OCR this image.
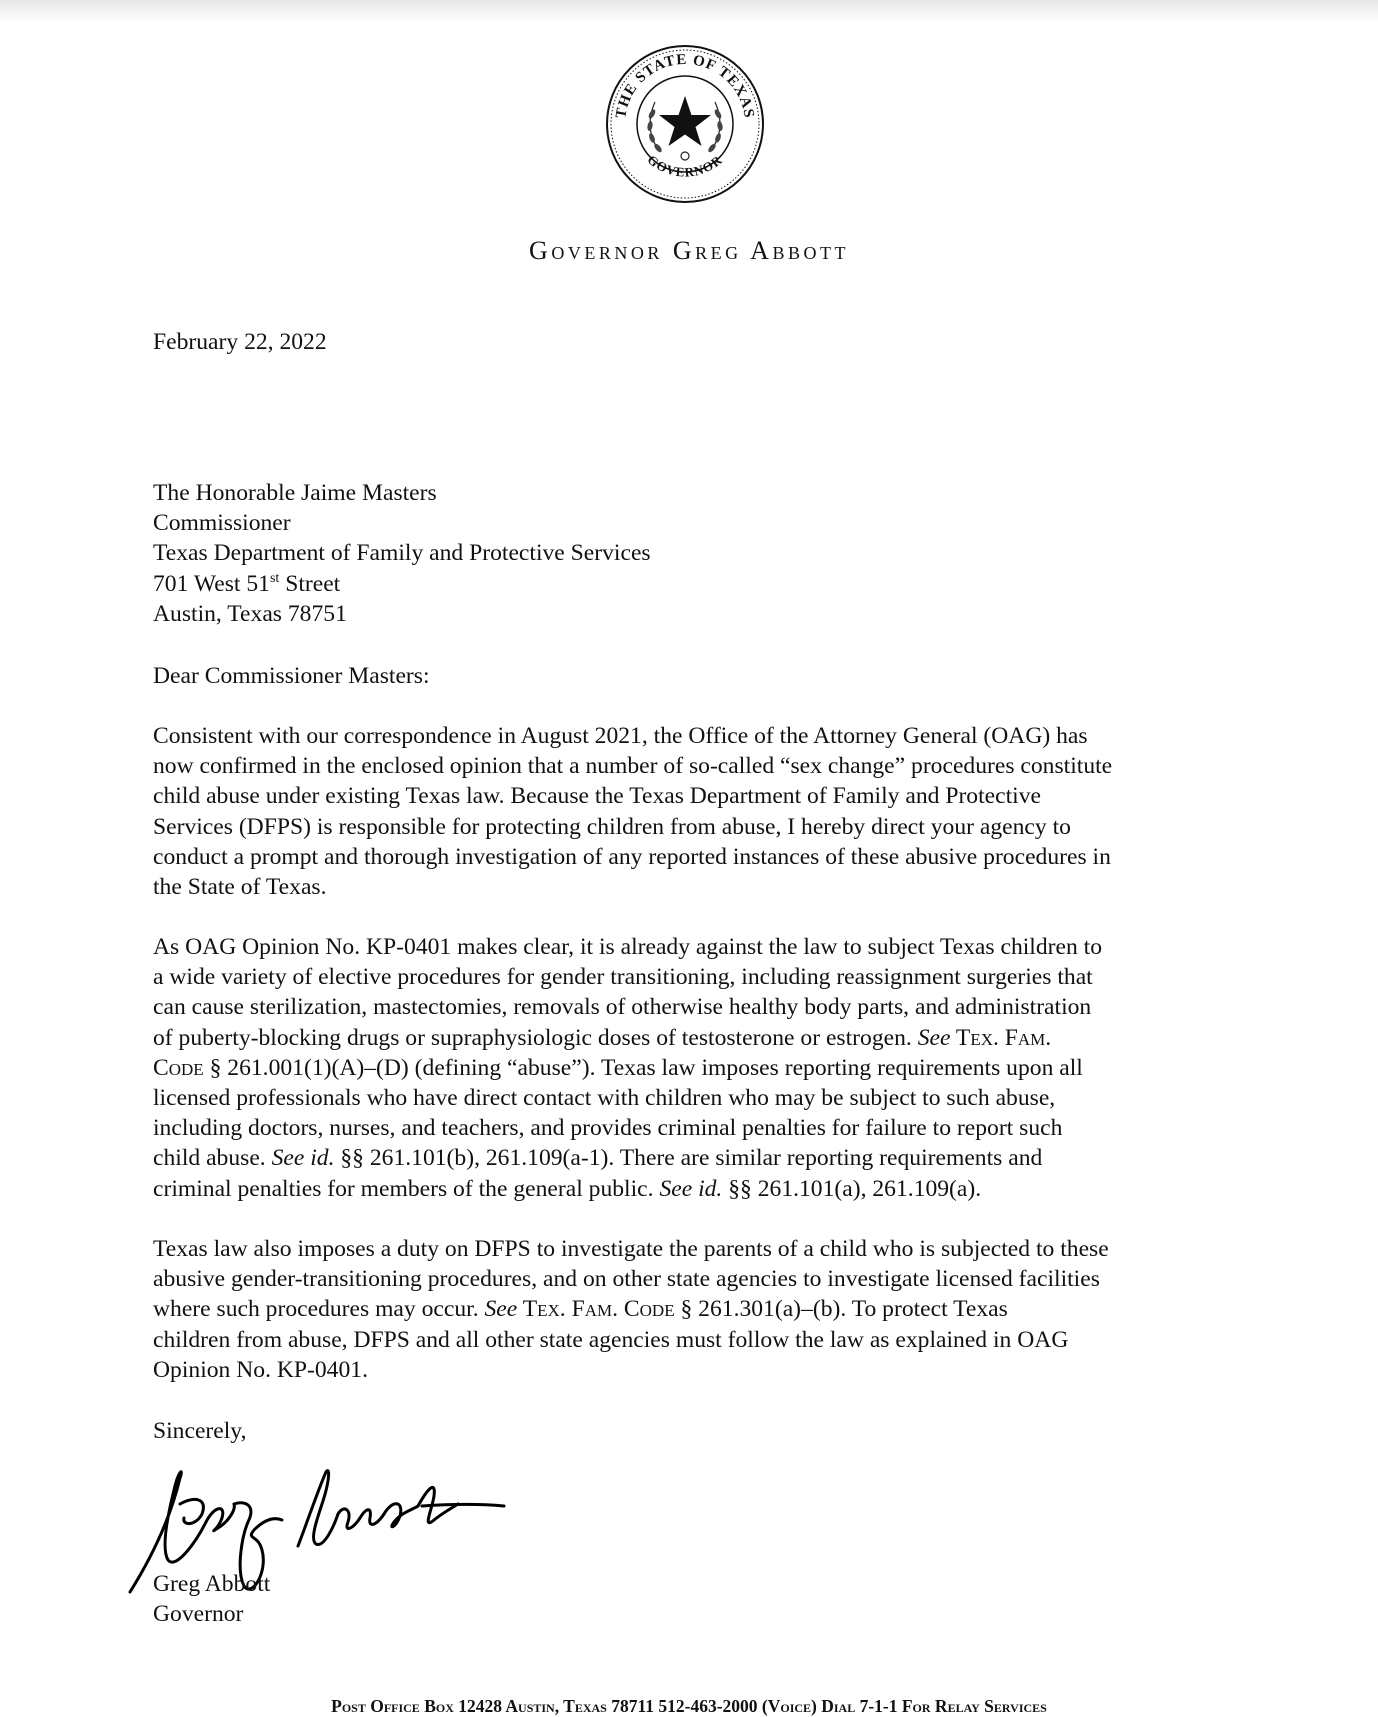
THE STATE OF TEXAS
GOVERNOR
Governor Greg Abbott
February 22, 2022
The Honorable Jaime Masters
Commissioner
Texas Department of Family and Protective Services
701 West 51st Street
Austin, Texas 78751
Dear Commissioner Masters:
Consistent with our correspondence in August 2021, the Office of the Attorney General (OAG) has
now confirmed in the enclosed opinion that a number of so-called “sex change” procedures constitute
child abuse under existing Texas law. Because the Texas Department of Family and Protective
Services (DFPS) is responsible for protecting children from abuse, I hereby direct your agency to
conduct a prompt and thorough investigation of any reported instances of these abusive procedures in
the State of Texas.
As OAG Opinion No. KP-0401 makes clear, it is already against the law to subject Texas children to
a wide variety of elective procedures for gender transitioning, including reassignment surgeries that
can cause sterilization, mastectomies, removals of otherwise healthy body parts, and administration
of puberty-blocking drugs or supraphysiologic doses of testosterone or estrogen. See Tex. Fam.
Code § 261.001(1)(A)–(D) (defining “abuse”). Texas law imposes reporting requirements upon all
licensed professionals who have direct contact with children who may be subject to such abuse,
including doctors, nurses, and teachers, and provides criminal penalties for failure to report such
child abuse. See id. §§ 261.101(b), 261.109(a-1). There are similar reporting requirements and
criminal penalties for members of the general public. See id. §§ 261.101(a), 261.109(a).
Texas law also imposes a duty on DFPS to investigate the parents of a child who is subjected to these
abusive gender-transitioning procedures, and on other state agencies to investigate licensed facilities
where such procedures may occur. See Tex. Fam. Code § 261.301(a)–(b). To protect Texas
children from abuse, DFPS and all other state agencies must follow the law as explained in OAG
Opinion No. KP-0401.
Sincerely,
Greg Abbott
Governor
Post Office Box 12428 Austin, Texas 78711 512-463-2000 (Voice) Dial 7-1-1 For Relay Services
